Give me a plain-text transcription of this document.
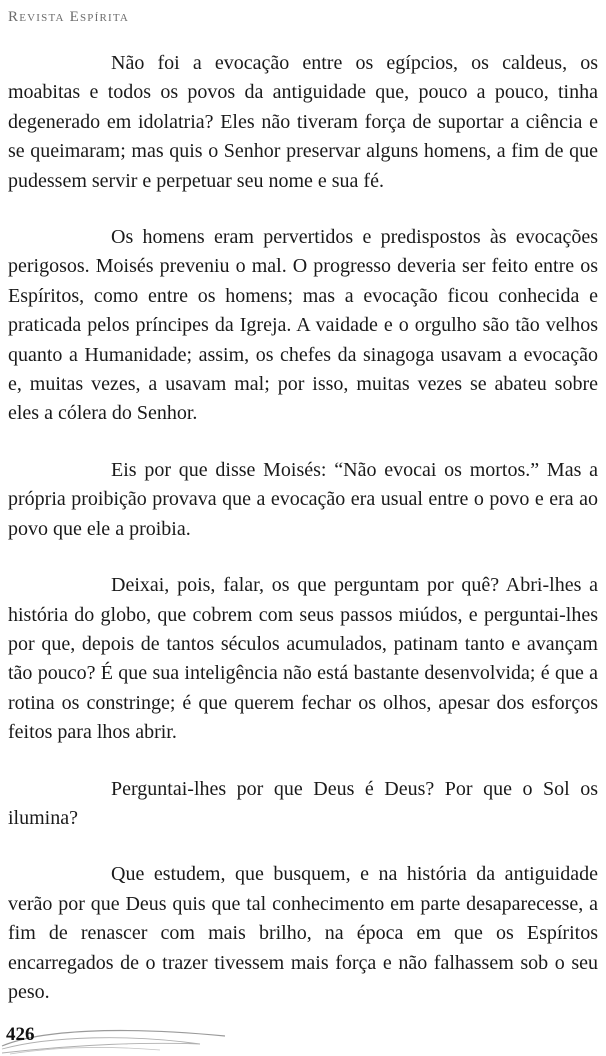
Revista Espírita

Não foi a evocação entre os egípcios, os caldeus, os moabitas e todos os povos da antiguidade que, pouco a pouco, tinha degenerado em idolatria? Eles não tiveram força de suportar a ciência e se queimaram; mas quis o Senhor preservar alguns homens, a fim de que pudessem servir e perpetuar seu nome e sua fé.

Os homens eram pervertidos e predispostos às evocações perigosos. Moisés preveniu o mal. O progresso deveria ser feito entre os Espíritos, como entre os homens; mas a evocação ficou conhecida e praticada pelos príncipes da Igreja. A vaidade e o orgulho são tão velhos quanto a Humanidade; assim, os chefes da sinagoga usavam a evocação e, muitas vezes, a usavam mal; por isso, muitas vezes se abateu sobre eles a cólera do Senhor.

Eis por que disse Moisés: “Não evocai os mortos.” Mas a própria proibição provava que a evocação era usual entre o povo e era ao povo que ele a proibia.

Deixai, pois, falar, os que perguntam por quê? Abri-lhes a história do globo, que cobrem com seus passos miúdos, e perguntai-lhes por que, depois de tantos séculos acumulados, patinam tanto e avançam tão pouco? É que sua inteligência não está bastante desenvolvida; é que a rotina os constringe; é que querem fechar os olhos, apesar dos esforços feitos para lhos abrir.

Perguntai-lhes por que Deus é Deus? Por que o Sol os ilumina?

Que estudem, que busquem, e na história da antiguidade verão por que Deus quis que tal conhecimento em parte desaparecesse, a fim de renascer com mais brilho, na época em que os Espíritos encarregados de o trazer tivessem mais força e não falhassem sob o seu peso.

426
